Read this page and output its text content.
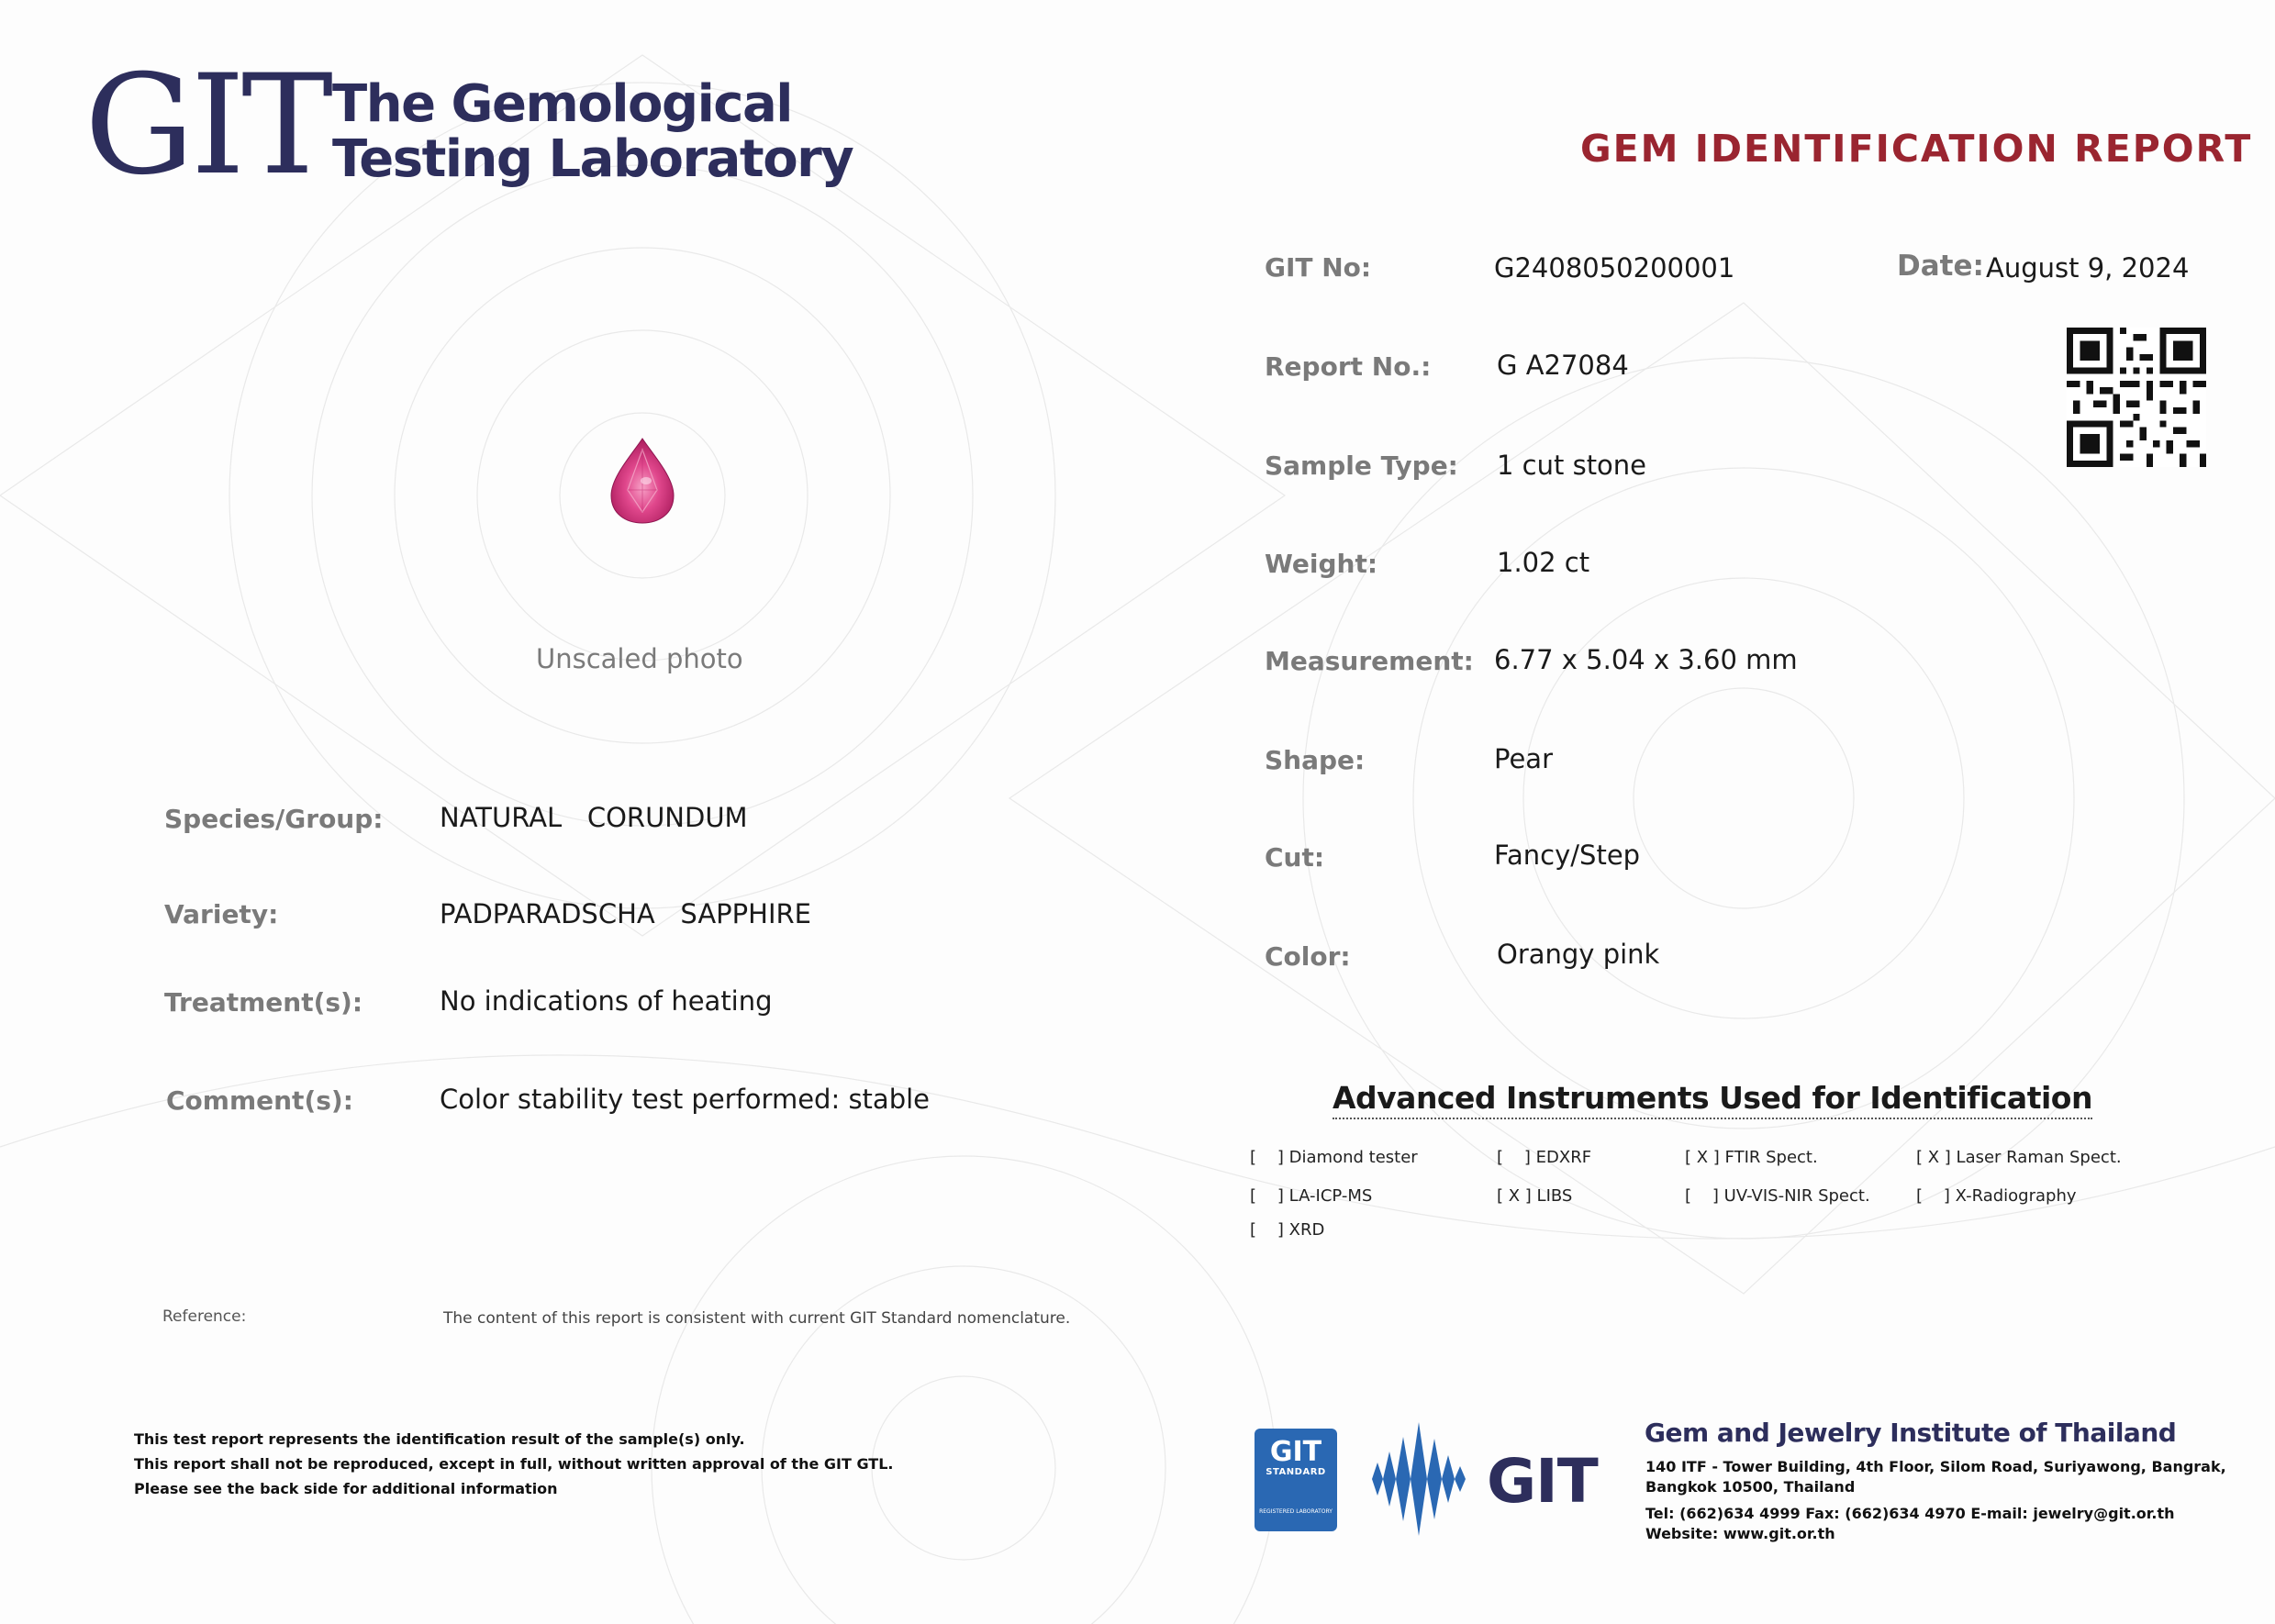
GIT The Gemological
Testing Laboratory	GEM IDENTIFICATION REPORT
GIT No:	G2408050200001	Date: August 9, 2024
Report No.: G A27084
Sample Type: 1 cut stone
Weight:	1.02 ct
Measurement: 6.77 x 5.04 x 3.60 mm
Shape:	Pear
Cut:	Fancy/Step
Color:	Orangy pink
Unscaled photo
Species/Group: NATURAL   CORUNDUM
Variety:	PADPARADSCHA   SAPPHIRE
Treatment(s):	No indications of heating
Comment(s):	Color stability test performed: stable	Advanced Instruments Used for Identification
[    ] Diamond tester	[    ] EDXRF	[ X ] FTIR Spect.	[ X ] Laser Raman Spect.
[    ] LA-ICP-MS	[ X ] LIBS	[    ] UV-VIS-NIR Spect.	[    ] X-Radiography
[    ] XRD
Reference:	The content of this report is consistent with current GIT Standard nomenclature.
This test report represents the identification result of the sample(s) only.
This report shall not be reproduced, except in full, without written approval of the GIT GTL.
Please see the back side for additional information
GIT
STANDARD
REGISTERED LABORATORY	GIT
Gem and Jewelry Institute of Thailand
140 ITF - Tower Building, 4th Floor, Silom Road, Suriyawong, Bangrak,
Bangkok 10500, Thailand
Tel: (662)634 4999 Fax: (662)634 4970 E-mail: jewelry@git.or.th
Website: www.git.or.th
